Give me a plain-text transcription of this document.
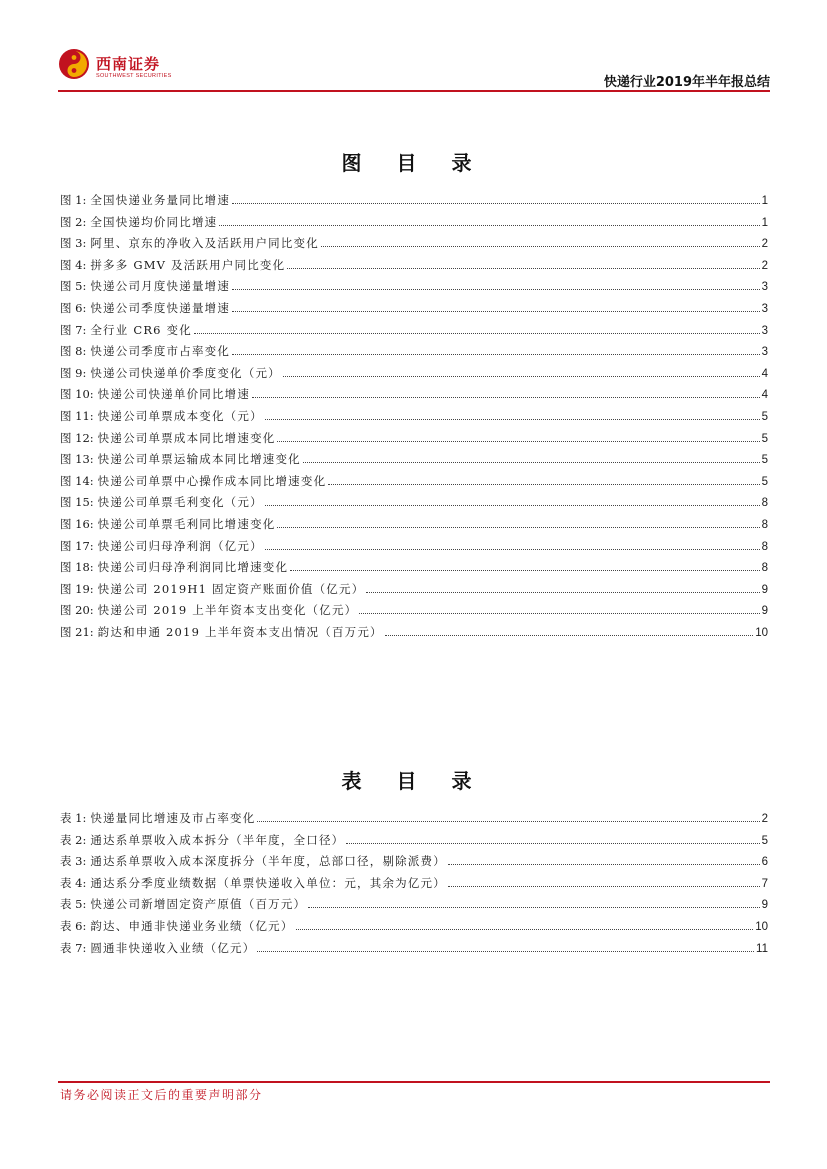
西南证券
SOUTHWEST SECURITIES	快递行业2019年半年报总结
图 目 录
图 1: 全国快递业务量同比增速	1
图 2: 全国快递均价同比增速	1
图 3: 阿里、京东的净收入及活跃用户同比变化	2
图 4: 拼多多 GMV 及活跃用户同比变化	2
图 5: 快递公司月度快递量增速	3
图 6: 快递公司季度快递量增速	3
图 7: 全行业 CR6 变化	3
图 8: 快递公司季度市占率变化	3
图 9: 快递公司快递单价季度变化（元）	4
图 10: 快递公司快递单价同比增速	4
图 11: 快递公司单票成本变化（元）	5
图 12: 快递公司单票成本同比增速变化	5
图 13: 快递公司单票运输成本同比增速变化	5
图 14: 快递公司单票中心操作成本同比增速变化	5
图 15: 快递公司单票毛利变化（元）	8
图 16: 快递公司单票毛利同比增速变化	8
图 17: 快递公司归母净利润（亿元）	8
图 18: 快递公司归母净利润同比增速变化	8
图 19: 快递公司 2019H1 固定资产账面价值（亿元）	9
图 20: 快递公司 2019 上半年资本支出变化（亿元）	9
图 21: 韵达和申通 2019 上半年资本支出情况（百万元）	10
表 目 录
表 1: 快递量同比增速及市占率变化	2
表 2: 通达系单票收入成本拆分（半年度，全口径）	5
表 3: 通达系单票收入成本深度拆分（半年度，总部口径，剔除派费）	6
表 4: 通达系分季度业绩数据（单票快递收入单位：元，其余为亿元）	7
表 5: 快递公司新增固定资产原值（百万元）	9
表 6: 韵达、申通非快递业务业绩（亿元）	10
表 7: 圆通非快递收入业绩（亿元）	11
请务必阅读正文后的重要声明部分
